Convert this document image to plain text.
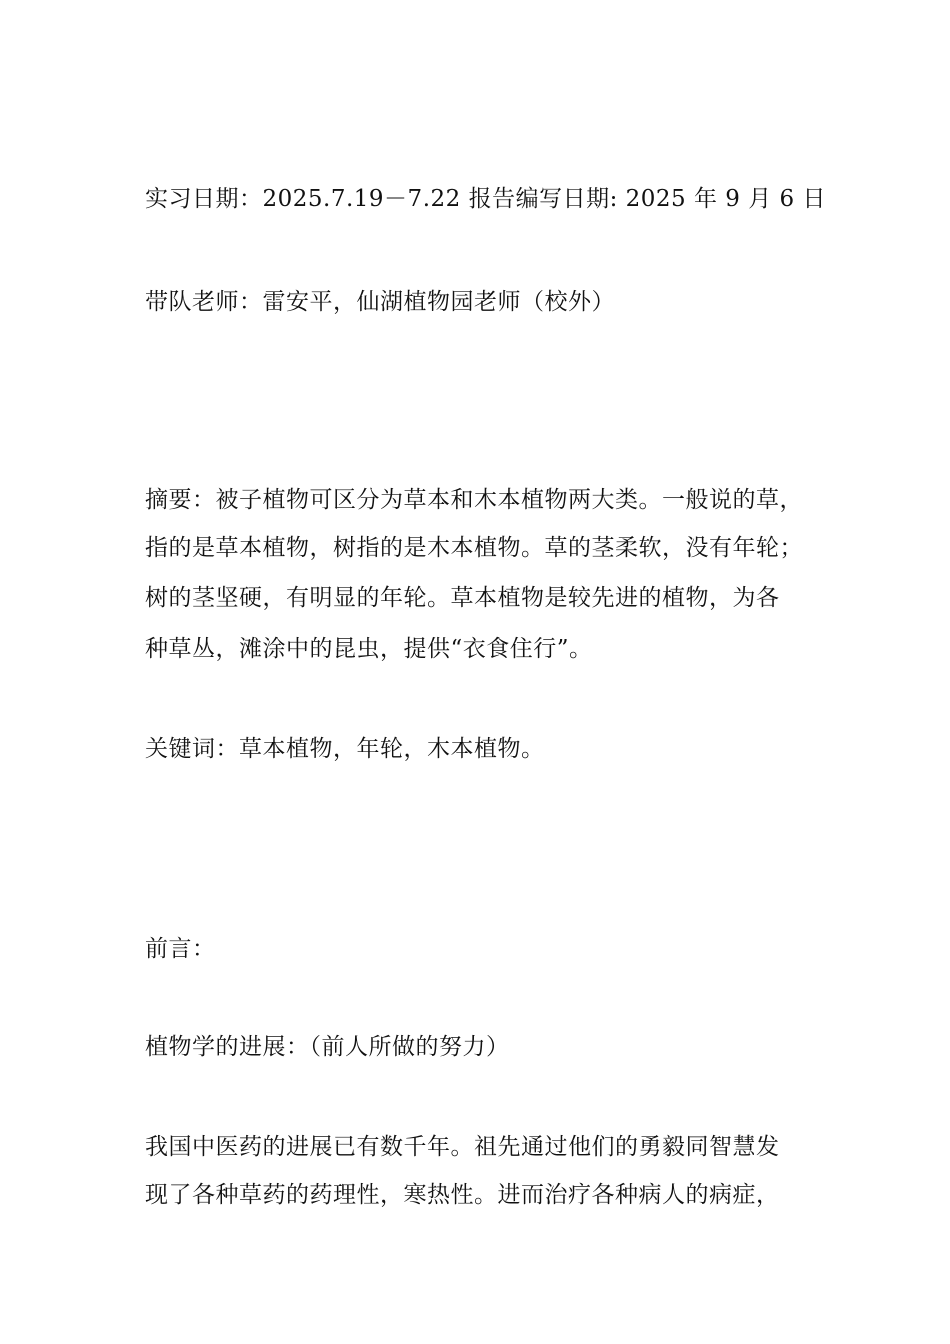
实习日期：2025.7.19－7.22 报告编写日期: 2025 年 9 月 6 日
带队老师：雷安平，仙湖植物园老师（校外）
摘要：被子植物可区分为草本和木本植物两大类。一般说的草，
指的是草本植物，树指的是木本植物。草的茎柔软，没有年轮；
树的茎坚硬，有明显的年轮。草本植物是较先进的植物，为各
种草丛，滩涂中的昆虫，提供“衣食住行”。
关键词：草本植物，年轮，木本植物。
前言：
植物学的进展：（前人所做的努力）
我国中医药的进展已有数千年。祖先通过他们的勇毅同智慧发
现了各种草药的药理性，寒热性。进而治疗各种病人的病症，
